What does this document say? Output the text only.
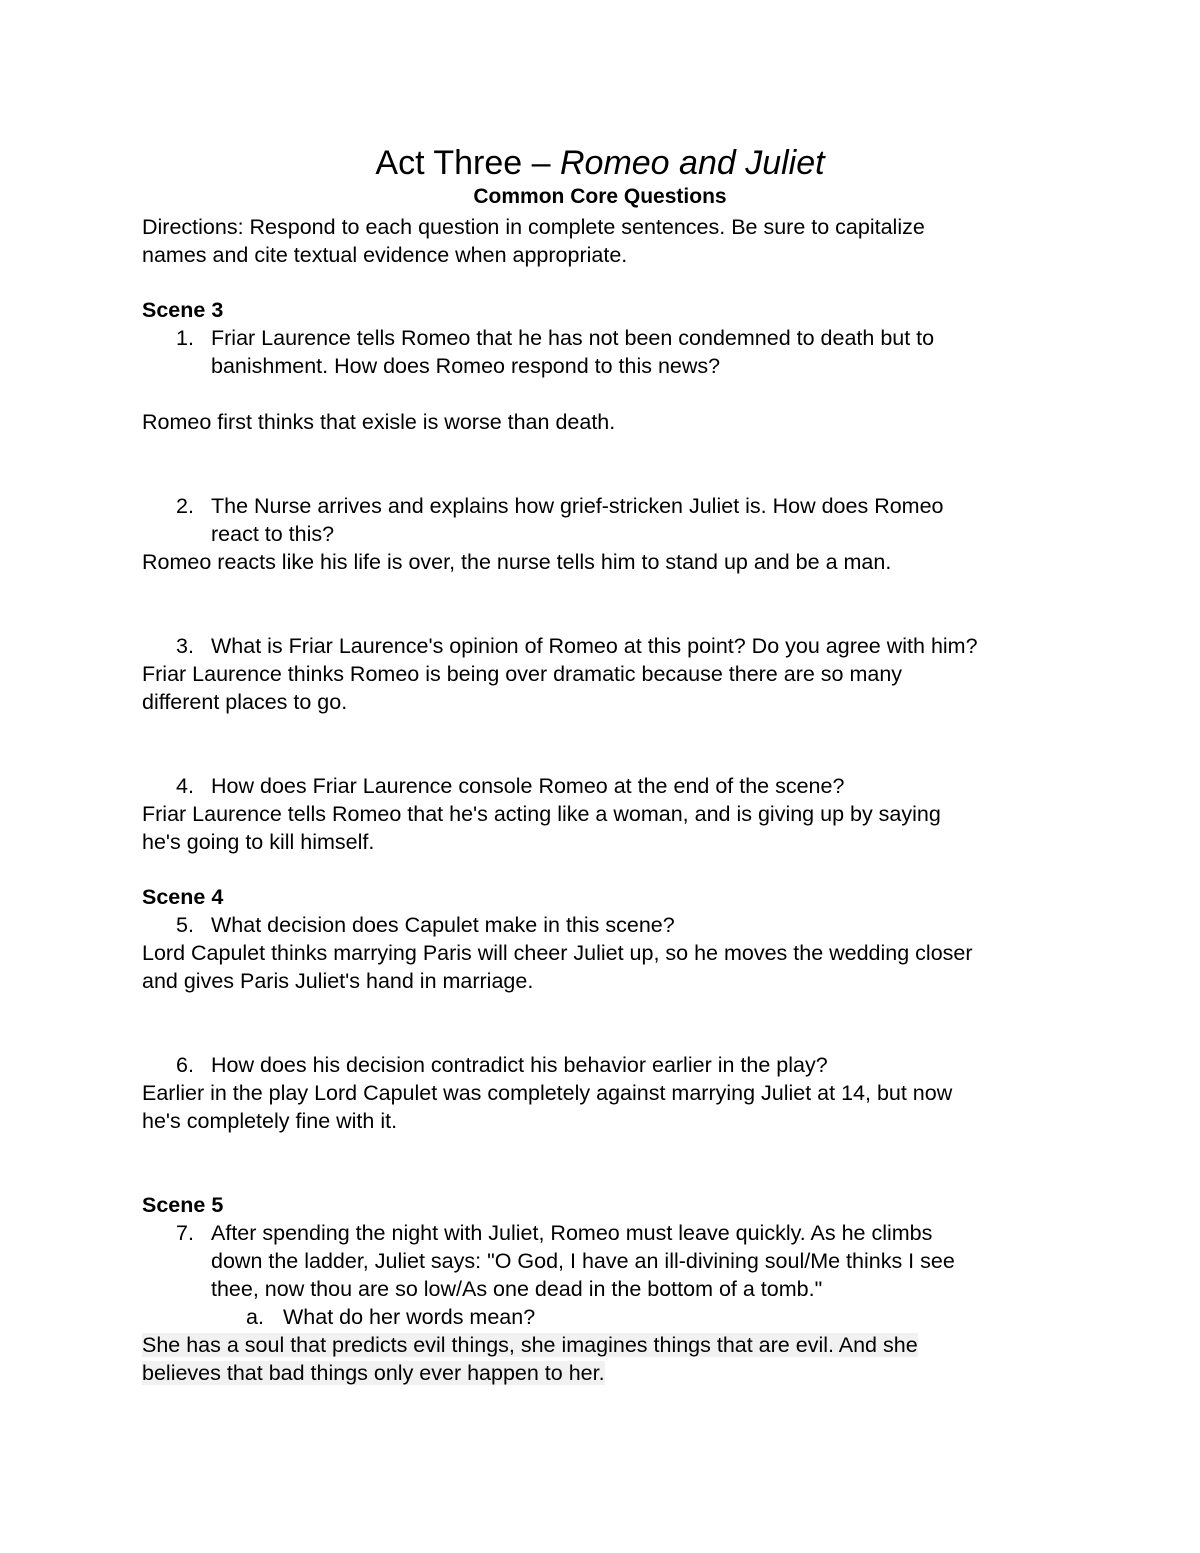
Act Three – Romeo and Juliet
Common Core Questions
Directions: Respond to each question in complete sentences. Be sure to capitalize
names and cite textual evidence when appropriate.
Scene 3
1. Friar Laurence tells Romeo that he has not been condemned to death but to
banishment. How does Romeo respond to this news?
Romeo first thinks that exisle is worse than death.
2. The Nurse arrives and explains how grief-stricken Juliet is. How does Romeo
react to this?
Romeo reacts like his life is over, the nurse tells him to stand up and be a man.
3. What is Friar Laurence's opinion of Romeo at this point? Do you agree with him?
Friar Laurence thinks Romeo is being over dramatic because there are so many
different places to go.
4. How does Friar Laurence console Romeo at the end of the scene?
Friar Laurence tells Romeo that he's acting like a woman, and is giving up by saying
he's going to kill himself.
Scene 4
5. What decision does Capulet make in this scene?
Lord Capulet thinks marrying Paris will cheer Juliet up, so he moves the wedding closer
and gives Paris Juliet's hand in marriage.
6. How does his decision contradict his behavior earlier in the play?
Earlier in the play Lord Capulet was completely against marrying Juliet at 14, but now
he's completely fine with it.
Scene 5
7. After spending the night with Juliet, Romeo must leave quickly. As he climbs
down the ladder, Juliet says: "O God, I have an ill-divining soul/Me thinks I see
thee, now thou are so low/As one dead in the bottom of a tomb."
a. What do her words mean?
She has a soul that predicts evil things, she imagines things that are evil. And she
believes that bad things only ever happen to her.
